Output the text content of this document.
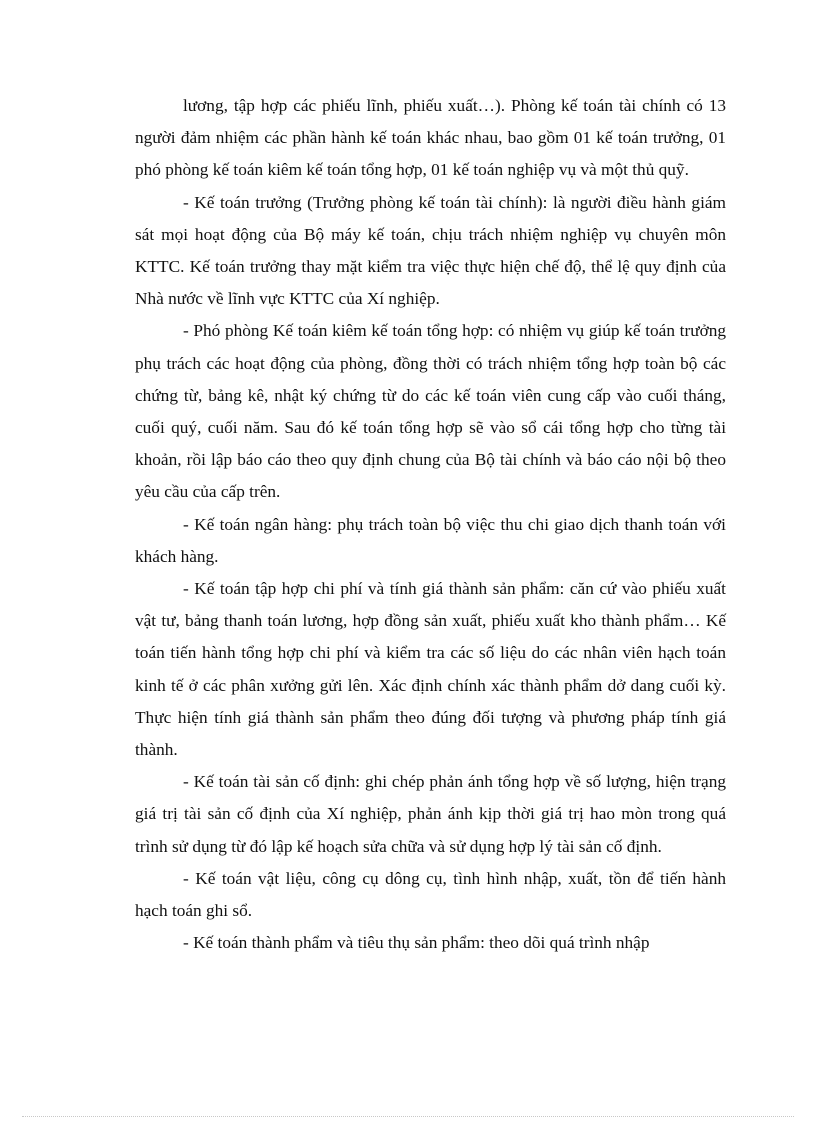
lương, tập hợp các phiếu lĩnh, phiếu xuất…). Phòng kế toán tài chính có 13 người đảm nhiệm các phần hành kế toán khác nhau, bao gồm 01 kế toán trưởng, 01 phó phòng kế toán kiêm kế toán tổng hợp, 01 kế toán nghiệp vụ và một thủ quỹ.

- Kế toán trưởng (Trưởng phòng kế toán tài chính): là người điều hành giám sát mọi hoạt động của Bộ máy kế toán, chịu trách nhiệm nghiệp vụ chuyên môn KTTC. Kế toán trưởng thay mặt kiểm tra việc thực hiện chế độ, thể lệ quy định của Nhà nước về lĩnh vực KTTC của Xí nghiệp.

- Phó phòng Kế toán kiêm kế toán tổng hợp: có nhiệm vụ giúp kế toán trưởng phụ trách các hoạt động của phòng, đồng thời có trách nhiệm tổng hợp toàn bộ các chứng từ, bảng kê, nhật ký chứng từ do các kế toán viên cung cấp vào cuối tháng, cuối quý, cuối năm. Sau đó kế toán tổng hợp sẽ vào sổ cái tổng hợp cho từng tài khoản, rồi lập báo cáo theo quy định chung của Bộ tài chính và báo cáo nội bộ theo yêu cầu của cấp trên.

- Kế toán ngân hàng: phụ trách toàn bộ việc thu chi giao dịch thanh toán với khách hàng.

- Kế toán tập hợp chi phí và tính giá thành sản phẩm: căn cứ vào phiếu xuất vật tư, bảng thanh toán lương, hợp đồng sản xuất, phiếu xuất kho thành phẩm… Kế toán tiến hành tổng hợp chi phí và kiểm tra các số liệu do các nhân viên hạch toán kinh tế ở các phân xưởng gửi lên. Xác định chính xác thành phẩm dở dang cuối kỳ. Thực hiện tính giá thành sản phẩm theo đúng đối tượng và phương pháp tính giá thành.

- Kế toán tài sản cố định: ghi chép phản ánh tổng hợp về số lượng, hiện trạng giá trị tài sản cố định của Xí nghiệp, phản ánh kịp thời giá trị hao mòn trong quá trình sử dụng từ đó lập kế hoạch sửa chữa và sử dụng hợp lý tài sản cố định.

- Kế toán vật liệu, công cụ dông cụ, tình hình nhập, xuất, tồn để tiến hành hạch toán ghi sổ.

- Kế toán thành phẩm và tiêu thụ sản phẩm: theo dõi quá trình nhập
